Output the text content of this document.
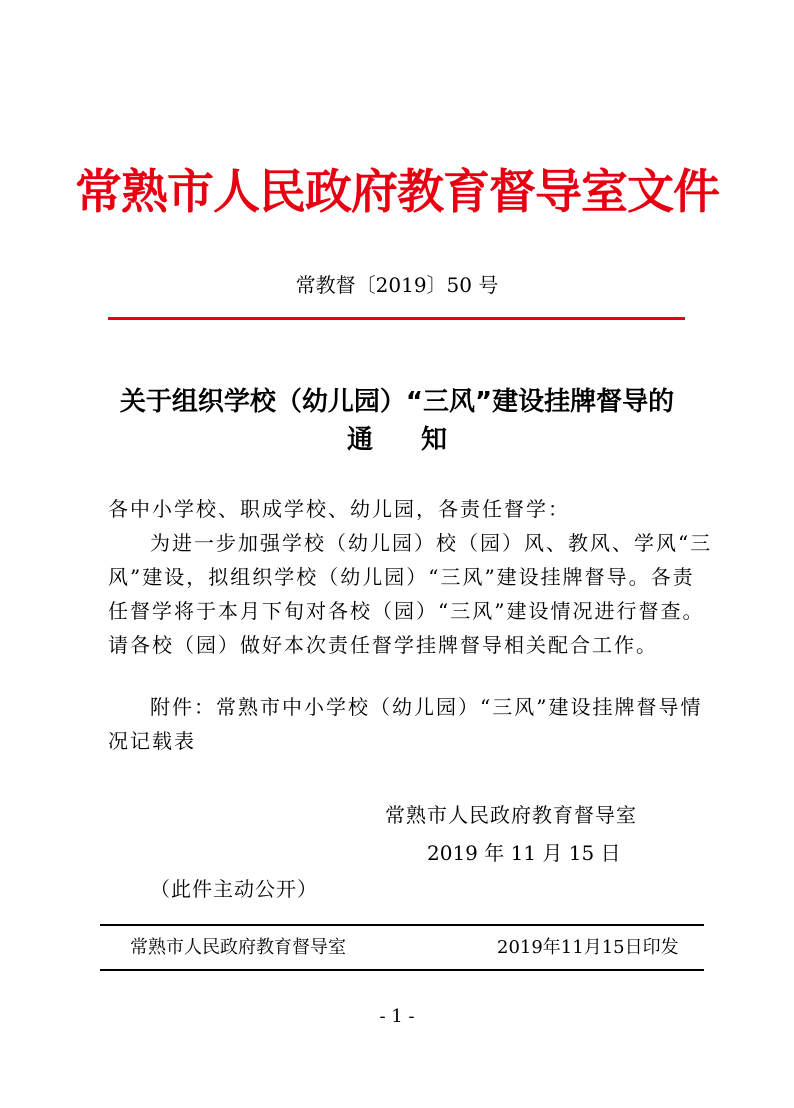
常熟市人民政府教育督导室文件
常教督〔2019〕50 号
关于组织学校（幼儿园）“三风”建设挂牌督导的
通知
各中小学校、职成学校、幼儿园，各责任督学：
为进一步加强学校（幼儿园）校（园）风、教风、学风“三
风”建设，拟组织学校（幼儿园）“三风”建设挂牌督导。各责
任督学将于本月下旬对各校（园）“三风”建设情况进行督查。
请各校（园）做好本次责任督学挂牌督导相关配合工作。
附件：常熟市中小学校（幼儿园）“三风”建设挂牌督导情
况记载表
常熟市人民政府教育督导室
2019 年 11 月 15 日
（此件主动公开）
常熟市人民政府教育督导室	2019年11月15日印发
- 1 -
